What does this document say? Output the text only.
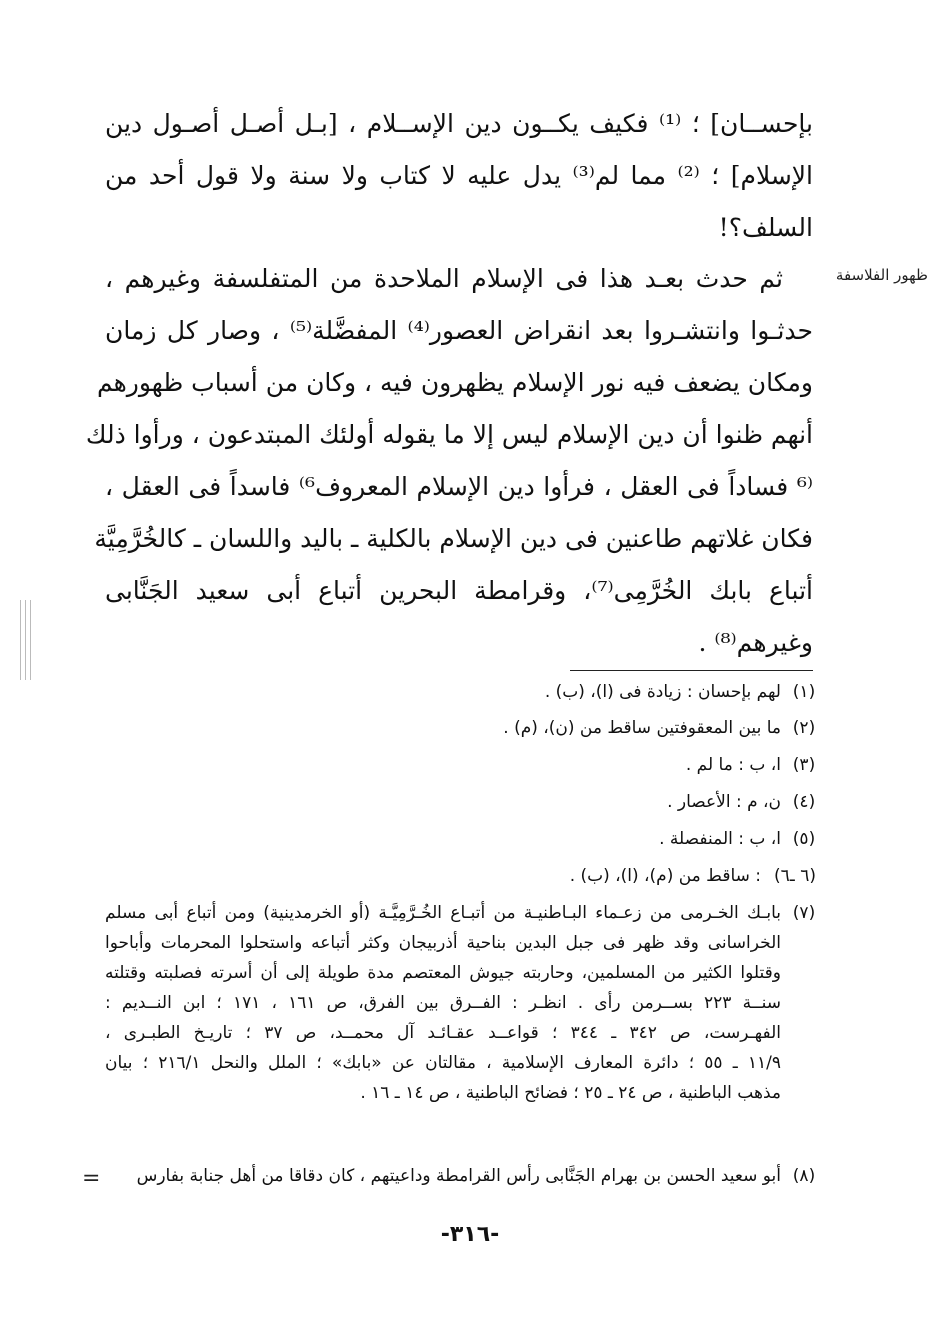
بإحســان] ؛ ⁽¹⁾ فكيف يكــون دين الإســلام ، [بـل أصـل أصـول دين
الإسلام] ؛ ⁽²⁾ مما لم⁽³⁾ يدل عليه لا كتاب ولا سنة ولا قول أحد من
السلف؟!
ظهور الفلاسفة
ثم حدث بعـد هذا فى الإسلام الملاحدة من المتفلسفة وغيرهم ،
حدثـوا وانتشـروا بعد انقراض العصور⁽⁴⁾ المفضَّلة⁽⁵⁾ ، وصار كل زمان
ومكان يضعف فيه نور الإسلام يظهرون فيه ، وكان من أسباب ظهورهم
أنهم ظنوا أن دين الإسلام ليس إلا ما يقوله أولئك المبتدعون ، ورأوا ذلك
⁽⁶ فساداً فى العقل ، فرأوا دين الإسلام المعروف⁶⁾ فاسداً فى العقل ،
فكان غلاتهم طاعنين فى دين الإسلام بالكلية ـ باليد واللسان ـ كالخُرَّمِيَّة
أتباع بابك الخُرَّمِى⁽⁷⁾، وقرامطة البحرين أتباع أبى سعيد الجَنَّابى
وغيرهم⁽⁸⁾ .
(١)
لهم بإحسان : زيادة فى (ا)، (ب) .
(٢)
ما بين المعقوفتين ساقط من (ن)، (م) .
(٣)
ا، ب : ما لم .
(٤)
ن، م : الأعصار .
(٥)
ا، ب : المنفصلة .
(٦ ـ٦)
: ساقط من (م)، (ا)، (ب) .
(٧)
بابـك الخـرمى من زعـماء البـاطنيـة من أتبـاع الخُـرَّمِيَّـة (أو الخرمدينية) ومن أتباع أبى مسلم
الخراسانى وقد ظهر فى جبل البدين بناحية أذربيجان وكثر أتباعه واستحلوا المحرمات وأباحوا
وقتلوا الكثير من المسلمين، وحاربته جيوش المعتصم مدة طويلة إلى أن أسرته فصلبته وقتلته
سنــة ٢٢٣ بســرمن رأى . انظـر : الفــرق بين الفرق، ص ١٦١ ، ١٧١ ؛ ابن النــديم :
الفهـرست، ص ٣٤٢ ـ ٣٤٤ ؛ قواعــد عقـائـد آل محمــد، ص ٣٧ ؛ تاريـخ الطبـرى ،
١١/٩ ـ ٥٥ ؛ دائرة المعارف الإسلامية ، مقالتان عن «بابك» ؛ الملل والنحل ٢١٦/١ ؛ بيان
مذهب الباطنية ، ص ٢٤ ـ ٢٥ ؛ فضائح الباطنية ، ص ١٤ ـ ١٦ .
(٨)
أبو سعيد الحسن بن بهرام الجَنَّابى رأس القرامطة وداعيتهم ، كان دقاقا من أهل جنابة بفارس
=
-٣١٦-
